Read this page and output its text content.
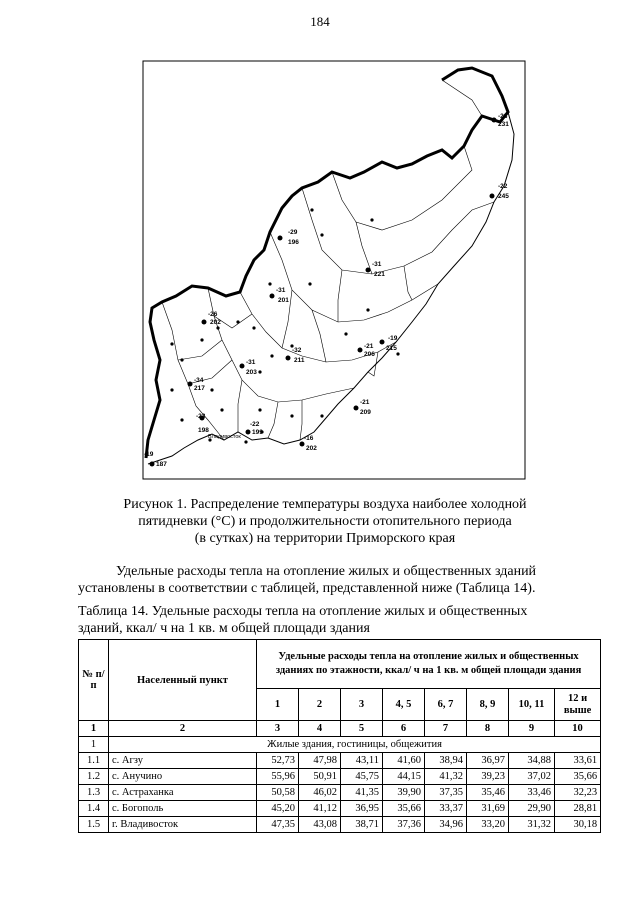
184
-28
231
-22
245
-29
196
-31
221
-31
201
-26
202
-19
215
-21
206
-32
211
-31
203
-34
217
-21
209
-23
198
-22
199
-16
202
-19
187
Владивосток
Рисунок 1. Распределение температуры воздуха наиболее холодной
пятидневки (°С) и продолжительности отопительного периода
(в сутках) на территории Приморского края
Удельные расходы тепла на отопление жилых и общественных зданий
установлены в соответствии с таблицей, представленной ниже (Таблица 14).
Таблица 14. Удельные расходы тепла на отопление жилых и общественных
зданий, ккал/ ч на 1 кв. м общей площади здания
№ п/п	Населенный пункт	Удельные расходы тепла на отопление жилых и общественных зданиях по этажности, ккал/ ч на 1 кв. м общей площади здания							
		1	2	3	4, 5	6, 7	8, 9	10, 11	12 и выше
1	2	3	4	5	6	7	8	9	10
1	Жилые здания, гостиницы, общежития								
1.1	с. Агзу	52,73	47,98	43,11	41,60	38,94	36,97	34,88	33,61
1.2	с. Анучино	55,96	50,91	45,75	44,15	41,32	39,23	37,02	35,66
1.3	с. Астраханка	50,58	46,02	41,35	39,90	37,35	35,46	33,46	32,23
1.4	с. Богополь	45,20	41,12	36,95	35,66	33,37	31,69	29,90	28,81
1.5	г. Владивосток	47,35	43,08	38,71	37,36	34,96	33,20	31,32	30,18
